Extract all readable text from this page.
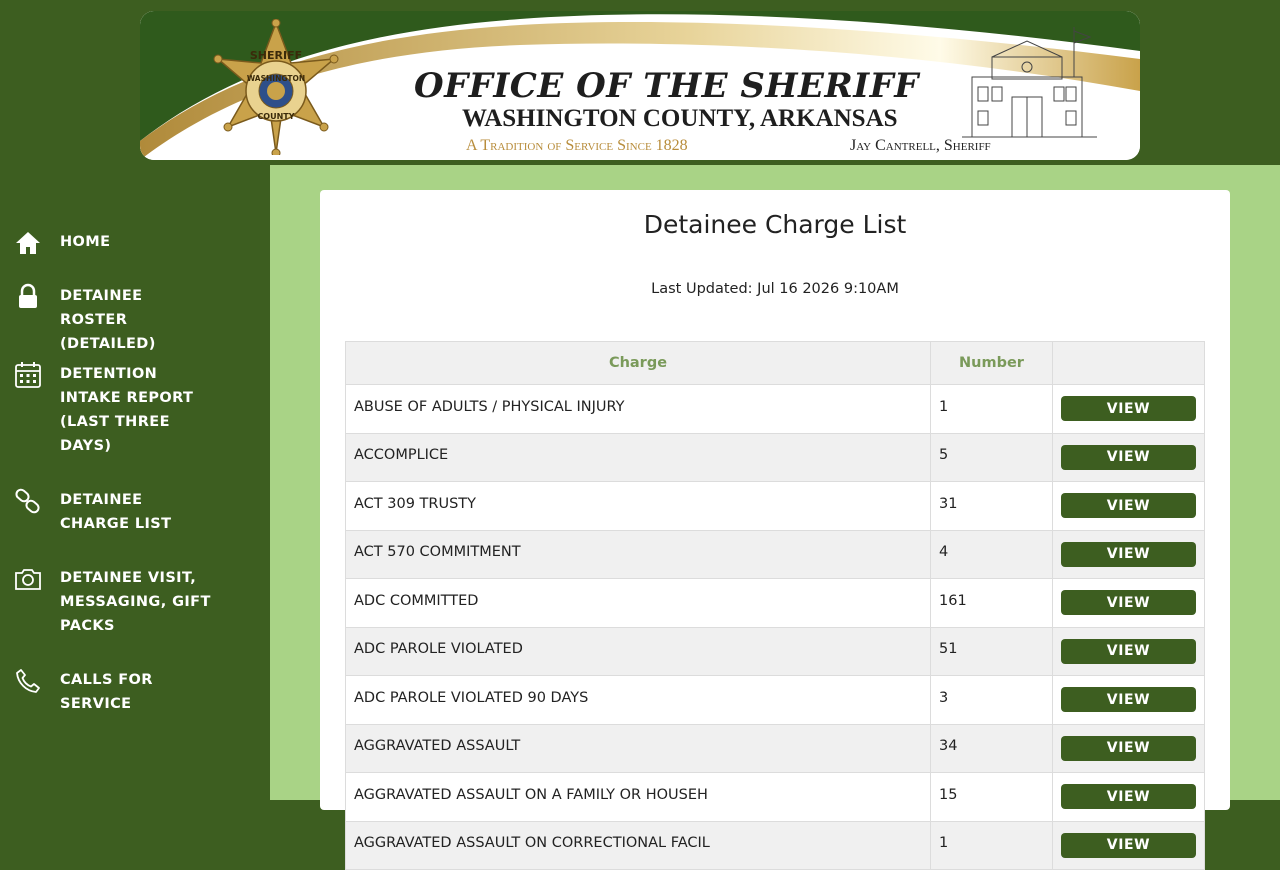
SHERIFF
WASHINGTON
COUNTY
OFFICE OF THE SHERIFF
WASHINGTON COUNTY, ARKANSAS
A Tradition of Service Since 1828	Jay Cantrell, Sheriff
HOME
DETAINEE ROSTER (DETAILED)
DETENTION INTAKE REPORT (LAST THREE DAYS)
DETAINEE CHARGE LIST
DETAINEE VISIT, MESSAGING, GIFT PACKS
CALLS FOR SERVICE
Detainee Charge List
Last Updated: Jul 16 2026 9:10AM
Charge	Number	
ABUSE OF ADULTS / PHYSICAL INJURY	1	VIEW

ACCOMPLICE	5	VIEW

ACT 309 TRUSTY	31	VIEW

ACT 570 COMMITMENT	4	VIEW

ADC COMMITTED	161	VIEW

ADC PAROLE VIOLATED	51	VIEW

ADC PAROLE VIOLATED 90 DAYS	3	VIEW

AGGRAVATED ASSAULT	34	VIEW

AGGRAVATED ASSAULT ON A FAMILY OR HOUSEH	15	VIEW

AGGRAVATED ASSAULT ON CORRECTIONAL FACIL	1	VIEW
